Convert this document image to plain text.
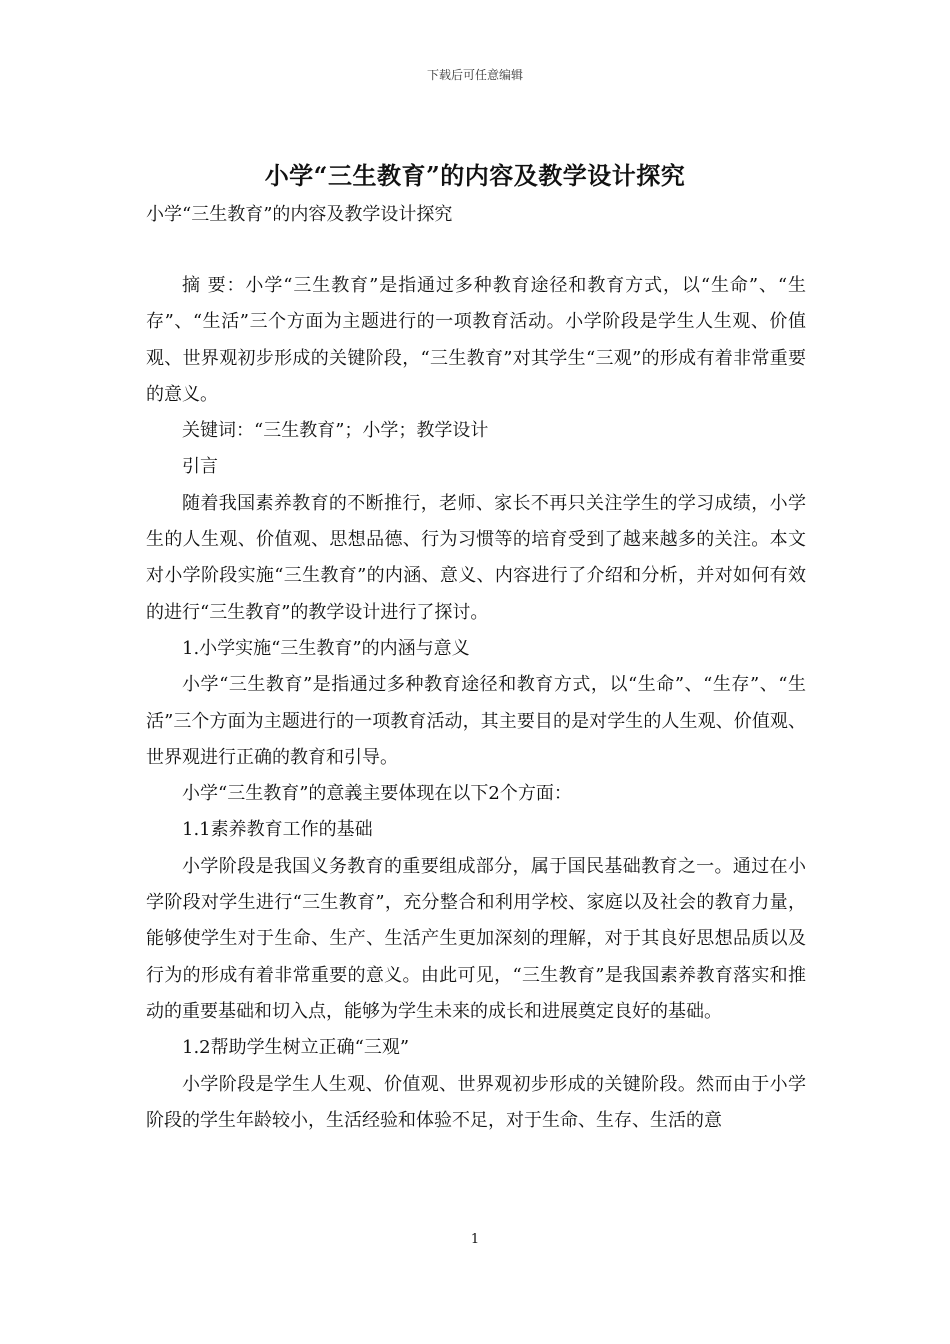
下载后可任意编辑
小学“三生教育”的内容及教学设计探究
小学“三生教育”的内容及教学设计探究

摘 要：小学“三生教育”是指通过多种教育途径和教育方式，以“生命”、“生存”、“生活”三个方面为主题进行的一项教育活动。小学阶段是学生人生观、价值观、世界观初步形成的关键阶段，“三生教育”对其学生“三观”的形成有着非常重要的意义。

关键词：“三生教育”；小学；教学设计

引言

随着我国素养教育的不断推行，老师、家长不再只关注学生的学习成绩，小学生的人生观、价值观、思想品德、行为习惯等的培育受到了越来越多的关注。本文对小学阶段实施“三生教育”的内涵、意义、内容进行了介绍和分析，并对如何有效的进行“三生教育”的教学设计进行了探讨。

1.小学实施“三生教育”的内涵与意义

小学“三生教育”是指通过多种教育途径和教育方式，以“生命”、“生存”、“生活”三个方面为主题进行的一项教育活动，其主要目的是对学生的人生观、价值观、世界观进行正确的教育和引导。

小学“三生教育”的意義主要体现在以下2个方面：

1.1素养教育工作的基础

小学阶段是我国义务教育的重要组成部分，属于国民基础教育之一。通过在小学阶段对学生进行“三生教育”，充分整合和利用学校、家庭以及社会的教育力量，能够使学生对于生命、生产、生活产生更加深刻的理解，对于其良好思想品质以及行为的形成有着非常重要的意义。由此可见，“三生教育”是我国素养教育落实和推动的重要基础和切入点，能够为学生未来的成长和进展奠定良好的基础。

1.2帮助学生树立正确“三观”

小学阶段是学生人生观、价值观、世界观初步形成的关键阶段。然而由于小学阶段的学生年龄较小，生活经验和体验不足，对于生命、生存、生活的意

1
